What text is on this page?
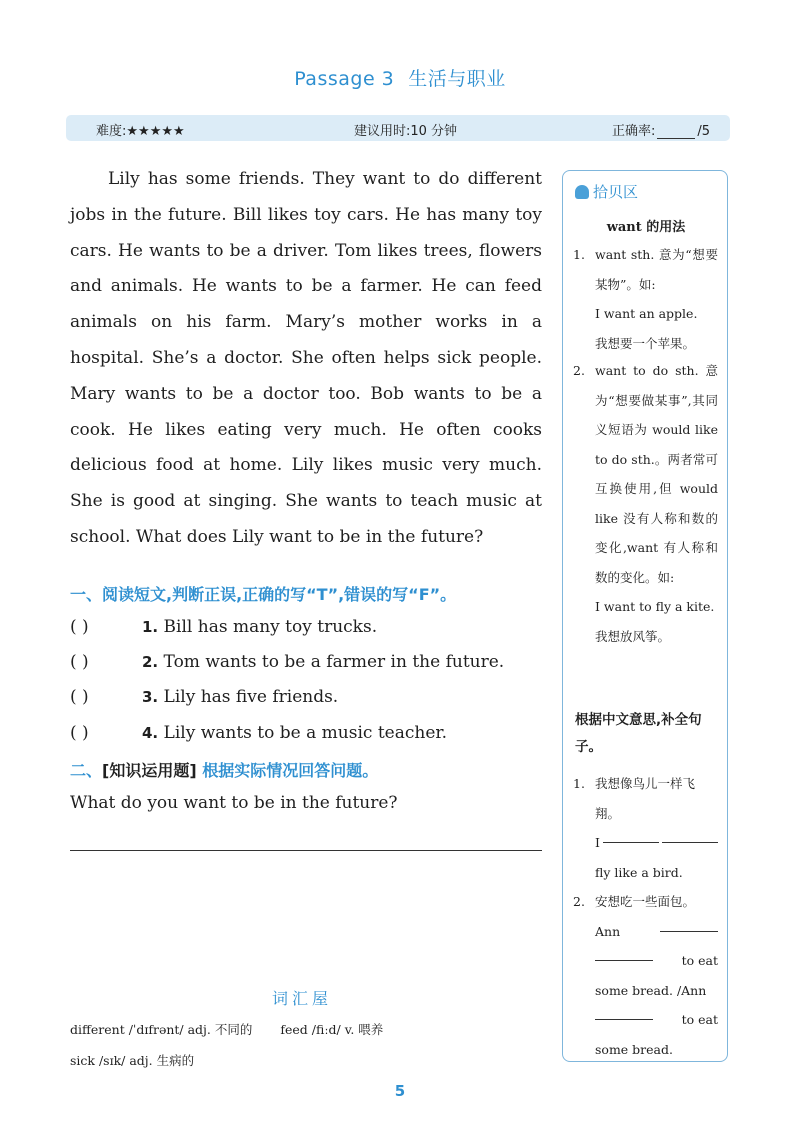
Passage 3 生活与职业
难度:★★★★★	建议用时:10 分钟	正确率:	/5

Lily has some friends. They want to do different jobs in the future. Bill likes toy cars. He has many toy cars. He wants to be a driver. Tom likes trees, flowers and animals. He wants to be a farmer. He can feed animals on his farm. Mary’s mother works in a hospital. She’s a doctor. She often helps sick people. Mary wants to be a doctor too. Bob wants to be a cook. He likes eating very much. He often cooks delicious food at home. Lily likes music very much. She is good at singing. She wants to teach music at school. What does Lily want to be in the future?

一、阅读短文,判断正误,正确的写“T”,错误的写“F”。
( )	1. Bill has many toy trucks.
( )	2. Tom wants to be a farmer in the future.
( )	3. Lily has five friends.
( )	4. Lily wants to be a music teacher.
二、[知识运用题] 根据实际情况回答问题。
What do you want to be in the future?
词汇屋
different /ˈdɪfrənt/ adj. 不同的 feed /fiːd/ v. 喂养
sick /sɪk/ adj. 生病的
5
拾贝区
want 的用法
1. want sth. 意为“想要某物”。如:
I want an apple.
我想要一个苹果。
2. want to do sth. 意为“想要做某事”,其同义短语为 would like to do sth.。两者常可互换使用,但 would like 没有人称和数的变化,want 有人称和数的变化。如:
I want to fly a kite.
我想放风筝。
根据中文意思,补全句子。
1. 我想像鸟儿一样飞翔。
I
fly like a bird.
2. 安想吃一些面包。
Ann
to eat
some bread. /Ann
to eat
some bread.
